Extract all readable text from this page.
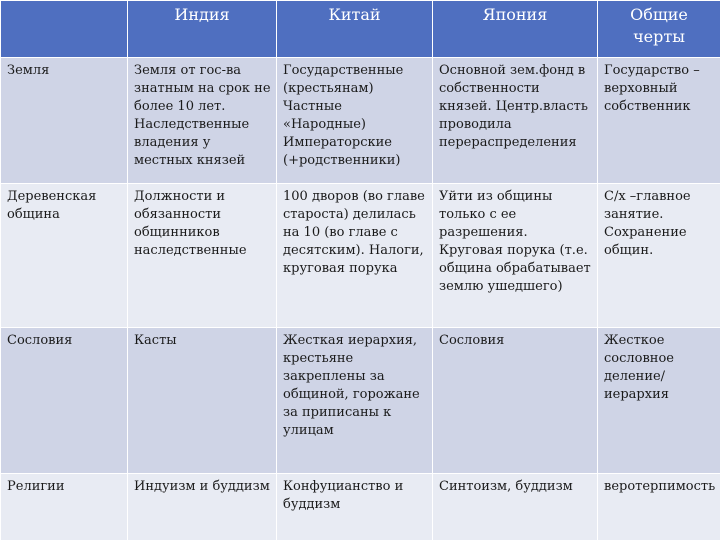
	Индия	Китай	Япония	Общие черты
Земля	Земля от гос-ва знатным на срок не более 10 лет. Наследственные владения у местных князей	Государственные (крестьянам) Частные «Народные) Императорские (+родственники)	Основной зем.фонд в собственности князей. Центр.власть проводила перераспределения	Государство – верховный собственник
Деревенская община	Должности и обязанности общинников наследственные	100 дворов (во главе староста) делилась на 10 (во главе с десятским). Налоги, круговая порука	Уйти из общины только с ее разрешения. Круговая порука (т.е. община обрабатывает землю ушедшего)	С/х –главное занятие. Сохранение общин.
Сословия	Касты	Жесткая иерархия, крестьяне закреплены за общиной, горожане за приписаны к улицам	Сословия	Жесткое сословное деление/иерархия
Религии	Индуизм и буддизм	Конфуцианство и буддизм	Синтоизм, буддизм	веротерпимость
